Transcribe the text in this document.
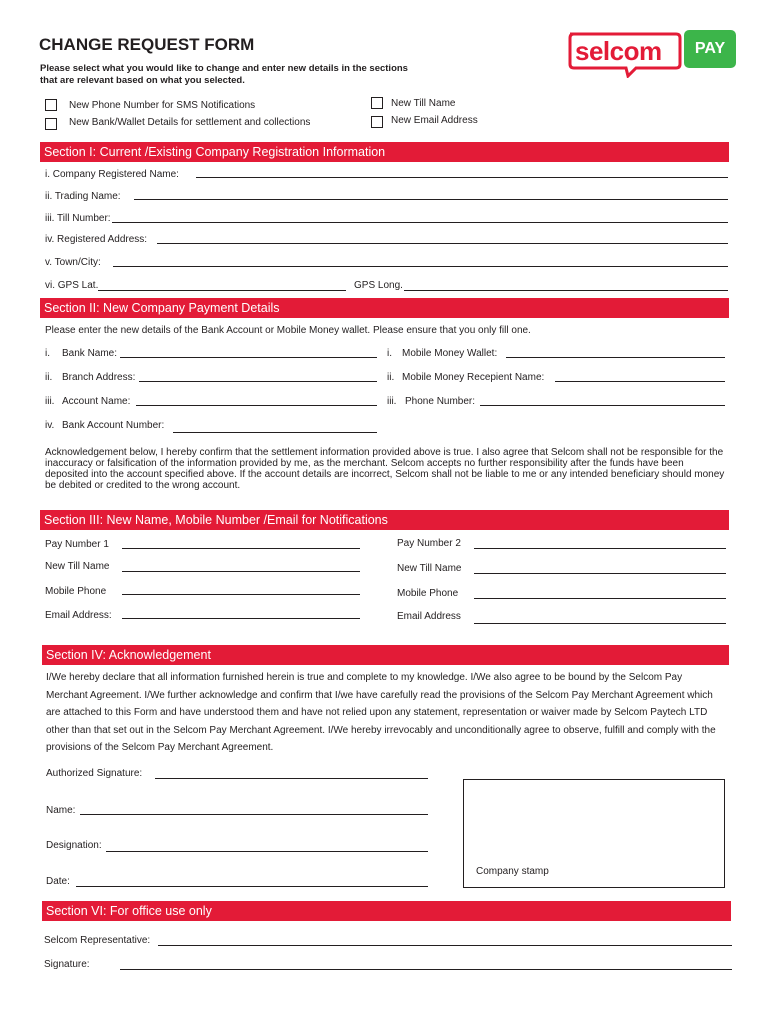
CHANGE REQUEST FORM
Please select what you would like to change and enter new details in the sections that are relevant based on what you selected.
selcom	PAY
New Phone Number for SMS Notifications
New Bank/Wallet Details for settlement and collections
New Till Name
New Email Address
Section I: Current /Existing Company Registration Information
i. Company Registered Name:
ii. Trading Name:
iii. Till Number:
iv. Registered Address:
v. Town/City:
vi. GPS Lat.	GPS Long.
Section II: New Company Payment Details
Please enter the new details of the Bank Account or Mobile Money wallet. Please ensure that you only fill one.
i. Bank Name:
ii. Branch Address:
iii. Account Name:
iv. Bank Account Number:
i. Mobile Money Wallet:
ii. Mobile Money Recepient Name:
iii. Phone Number:
Acknowledgement below, I hereby confirm that the settlement information provided above is true. I also agree that Selcom shall not be responsible for the inaccuracy or falsification of the information provided by me, as the merchant. Selcom accepts no further responsibility after the funds have been deposited into the account specified above. If the account details are incorrect, Selcom shall not be liable to me or any intended beneficiary should money be debited or credited to the wrong account.
Section III: New Name, Mobile Number /Email for Notifications
Pay Number 1
New Till Name
Mobile Phone
Email Address:
Pay Number 2
New Till Name
Mobile Phone
Email Address
Section IV: Acknowledgement
I/We hereby declare that all information furnished herein is true and complete to my knowledge. I/We also agree to be bound by the Selcom Pay Merchant Agreement. I/We further acknowledge and confirm that I/we have carefully read the provisions of the Selcom Pay Merchant Agreement which are attached to this Form and have understood them and have not relied upon any statement, representation or waiver made by Selcom Paytech LTD other than that set out in the Selcom Pay Merchant Agreement. I/We hereby irrevocably and unconditionally agree to observe, fulfill and comply with the provisions of the Selcom Pay Merchant Agreement.
Authorized Signature:
Name:
Designation:
Date:
Company stamp
Section VI: For office use only
Selcom Representative:
Signature:
